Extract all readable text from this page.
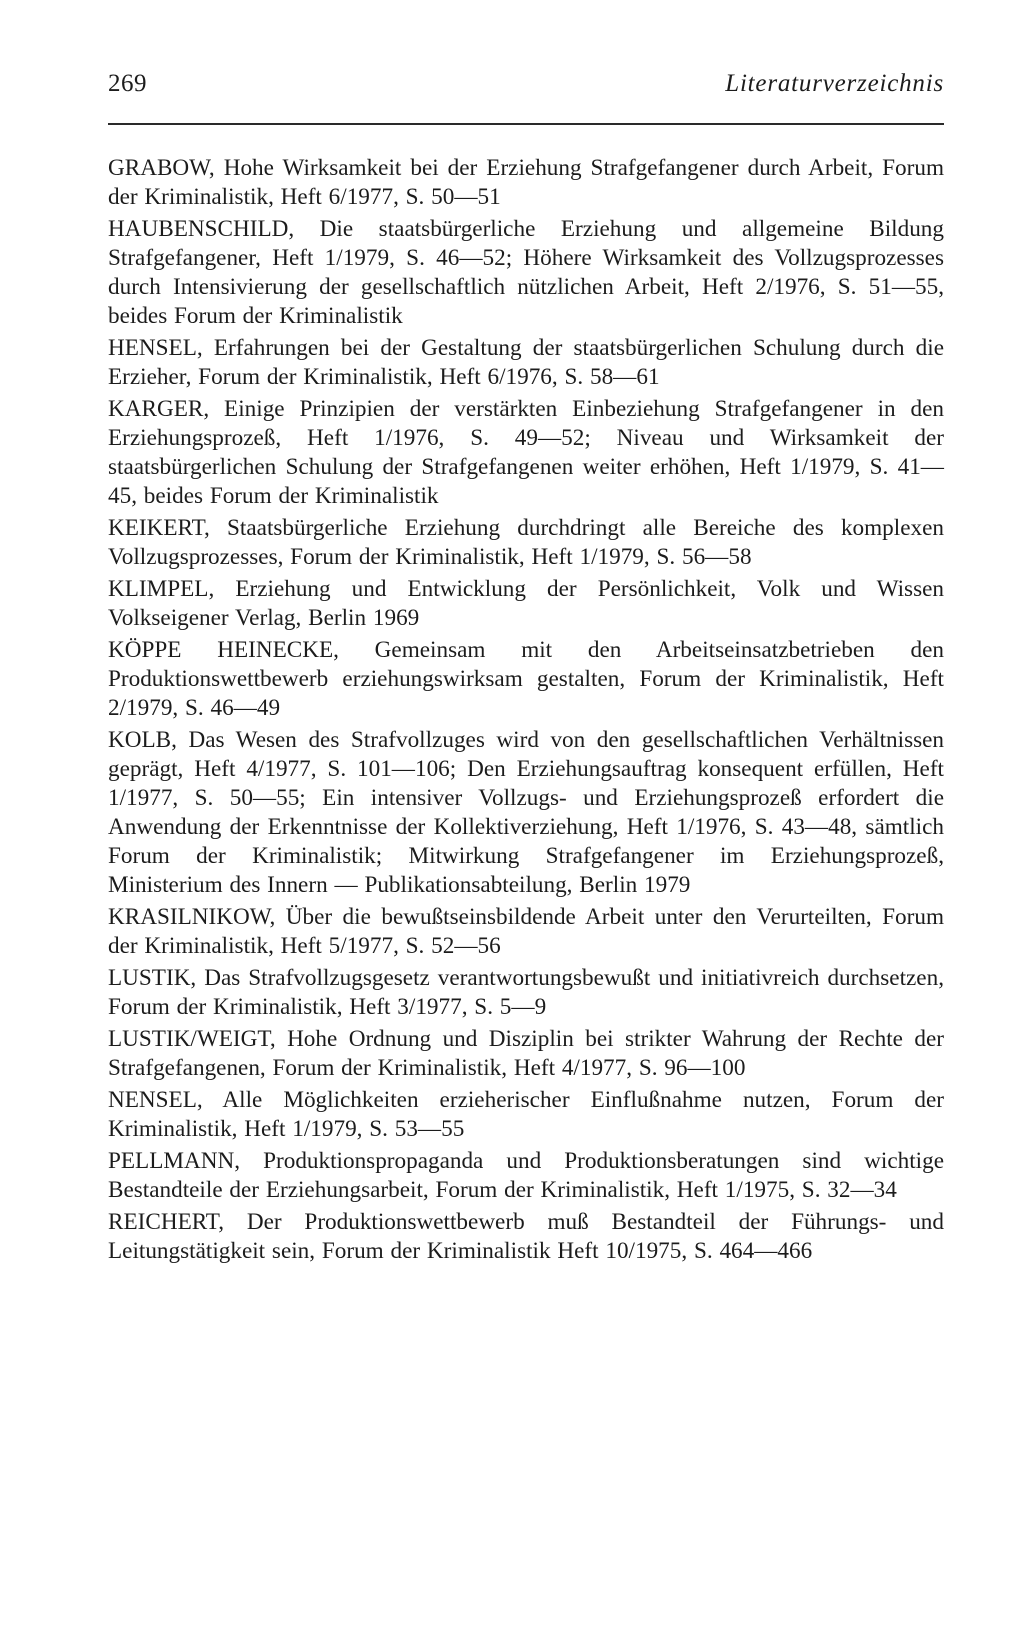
269	Literaturverzeichnis

GRABOW, Hohe Wirksamkeit bei der Erziehung Strafgefangener durch Arbeit, Forum der Kriminalistik, Heft 6/1977, S. 50—51

HAUBENSCHILD, Die staatsbürgerliche Erziehung und allgemeine Bildung Strafgefangener, Heft 1/1979, S. 46—52; Höhere Wirksamkeit des Vollzugsprozesses durch Intensivierung der gesellschaftlich nützlichen Arbeit, Heft 2/1976, S. 51—55, beides Forum der Kriminalistik

HENSEL, Erfahrungen bei der Gestaltung der staatsbürgerlichen Schulung durch die Erzieher, Forum der Kriminalistik, Heft 6/1976, S. 58—61

KARGER, Einige Prinzipien der verstärkten Einbeziehung Strafgefangener in den Erziehungsprozeß, Heft 1/1976, S. 49—52; Niveau und Wirksamkeit der staatsbürgerlichen Schulung der Strafgefangenen weiter erhöhen, Heft 1/1979, S. 41—45, beides Forum der Kriminalistik

KEIKERT, Staatsbürgerliche Erziehung durchdringt alle Bereiche des komplexen Vollzugsprozesses, Forum der Kriminalistik, Heft 1/1979, S. 56—58

KLIMPEL, Erziehung und Entwicklung der Persönlichkeit, Volk und Wissen Volkseigener Verlag, Berlin 1969

KÖPPE HEINECKE, Gemeinsam mit den Arbeitseinsatzbetrieben den Produktionswettbewerb erziehungswirksam gestalten, Forum der Kriminalistik, Heft 2/1979, S. 46—49

KOLB, Das Wesen des Strafvollzuges wird von den gesellschaftlichen Verhältnissen geprägt, Heft 4/1977, S. 101—106; Den Erziehungsauftrag konsequent erfüllen, Heft 1/1977, S. 50—55; Ein intensiver Vollzugs- und Erziehungsprozeß erfordert die Anwendung der Erkenntnisse der Kollektiverziehung, Heft 1/1976, S. 43—48, sämtlich Forum der Kriminalistik; Mitwirkung Strafgefangener im Erziehungsprozeß, Ministerium des Innern — Publikationsabteilung, Berlin 1979

KRASILNIKOW, Über die bewußtseinsbildende Arbeit unter den Verurteilten, Forum der Kriminalistik, Heft 5/1977, S. 52—56

LUSTIK, Das Strafvollzugsgesetz verantwortungsbewußt und initiativreich durchsetzen, Forum der Kriminalistik, Heft 3/1977, S. 5—9

LUSTIK/WEIGT, Hohe Ordnung und Disziplin bei strikter Wahrung der Rechte der Strafgefangenen, Forum der Kriminalistik, Heft 4/1977, S. 96—100

NENSEL, Alle Möglichkeiten erzieherischer Einflußnahme nutzen, Forum der Kriminalistik, Heft 1/1979, S. 53—55

PELLMANN, Produktionspropaganda und Produktionsberatungen sind wichtige Bestandteile der Erziehungsarbeit, Forum der Kriminalistik, Heft 1/1975, S. 32—34

REICHERT, Der Produktionswettbewerb muß Bestandteil der Führungs- und Leitungstätigkeit sein, Forum der Kriminalistik Heft 10/1975, S. 464—466
